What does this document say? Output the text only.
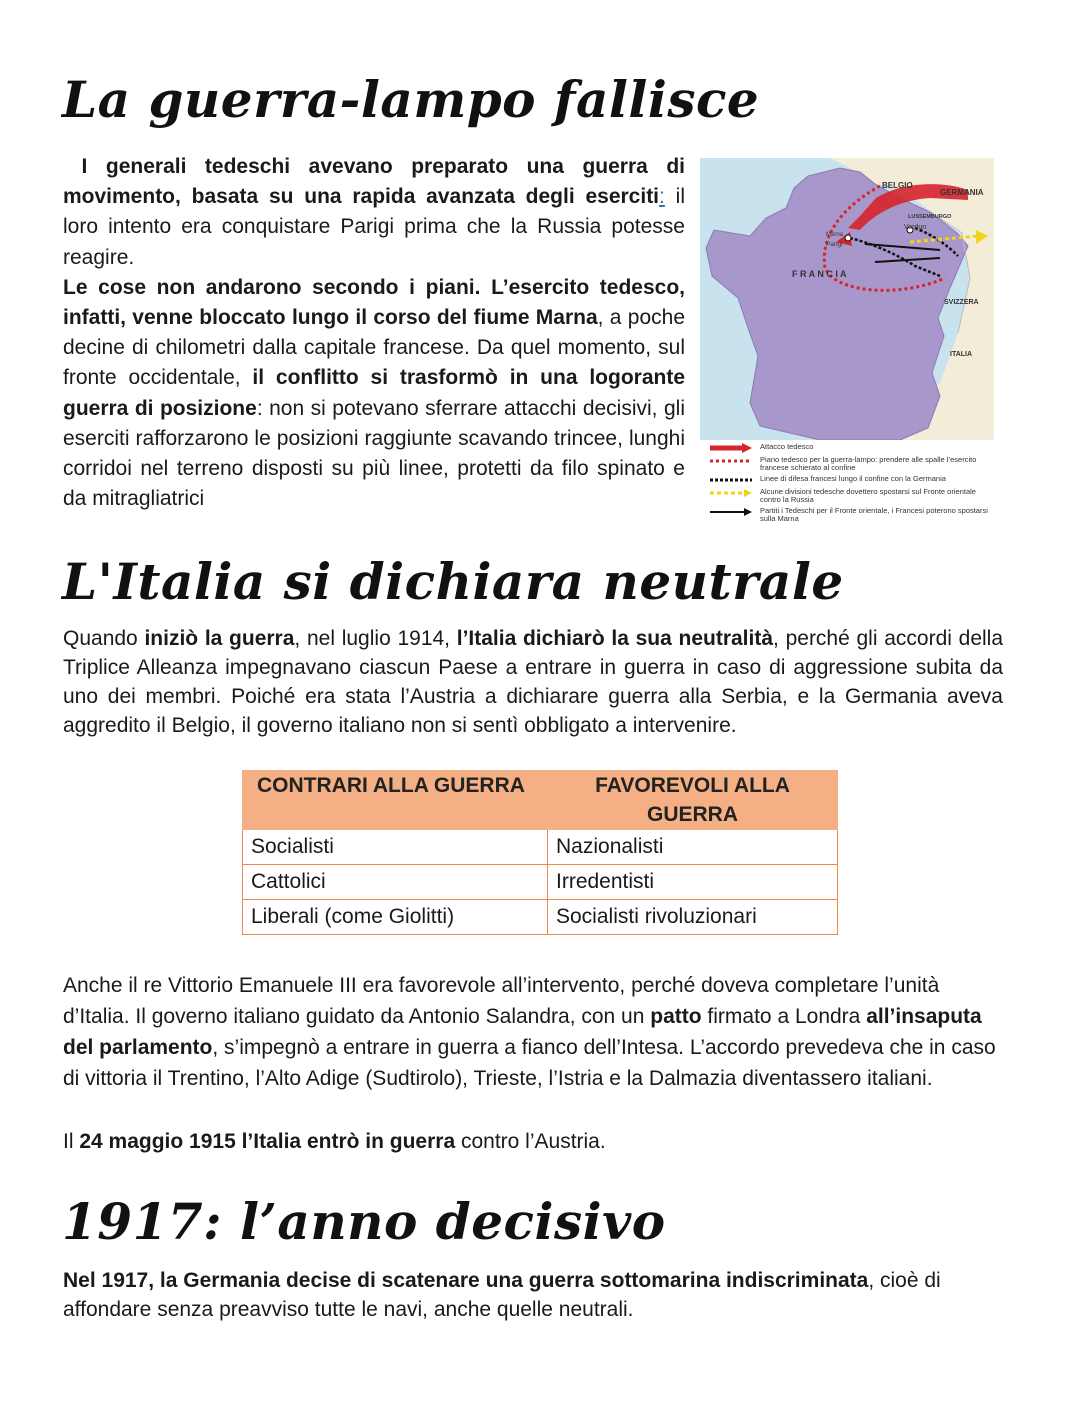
La guerra-lampo fallisce

I generali tedeschi avevano preparato una guerra di movimento, basata su una rapida avanzata degli eserciti: il loro intento era conquistare Parigi prima che la Russia potesse reagire.
Le cose non andarono secondo i piani. L’esercito tedesco, infatti, venne bloccato lungo il corso del fiume Marna, a poche decine di chilometri dalla capitale francese. Da quel momento, sul fronte occidentale, il conflitto si trasformò in una logorante guerra di posizione: non si potevano sferrare attacchi decisivi, gli eserciti rafforzarono le posizioni raggiunte scavando trincee, lunghi corridoi nel terreno disposti su più linee, protetti da filo spinato e da mitragliatrici

BELGIO
GERMANIA
LUSSEMBURGO
Verdun
Marna
Parigi
F R A N C I A
SVIZZERA
ITALIA
Attacco tedesco
Piano tedesco per la guerra-lampo: prendere alle spalle l’esercito francese schierato al confine
Linee di difesa francesi lungo il confine con la Germania
Alcune divisioni tedesche dovettero spostarsi sul Fronte orientale contro la Russia
Partiti i Tedeschi per il Fronte orientale, i Francesi poterono spostarsi sulla Marna
L'Italia si dichiara neutrale

Quando iniziò la guerra, nel luglio 1914, l’Italia dichiarò la sua neutralità, perché gli accordi della Triplice Alleanza impegnavano ciascun Paese a entrare in guerra in caso di aggressione subita da uno dei membri. Poiché era stata l’Austria a dichiarare guerra alla Serbia, e la Germania aveva aggredito il Belgio, il governo italiano non si sentì obbligato a intervenire.

CONTRARI ALLA GUERRA	FAVOREVOLI ALLA GUERRA
Socialisti	Nazionalisti
Cattolici	Irredentisti
Liberali (come Giolitti)	Socialisti rivoluzionari

Anche il re Vittorio Emanuele III era favorevole all’intervento, perché doveva completare l’unità d’Italia. Il governo italiano guidato da Antonio Salandra, con un patto firmato a Londra all’insaputa del parlamento, s’impegnò a entrare in guerra a fianco dell’Intesa. L’accordo prevedeva che in caso di vittoria il Trentino, l’Alto Adige (Sudtirolo), Trieste, l’Istria e la Dalmazia diventassero italiani.

Il 24 maggio 1915 l’Italia entrò in guerra contro l’Austria.

1917: l’anno decisivo

Nel 1917, la Germania decise di scatenare una guerra sottomarina indiscriminata, cioè di affondare senza preavviso tutte le navi, anche quelle neutrali.
